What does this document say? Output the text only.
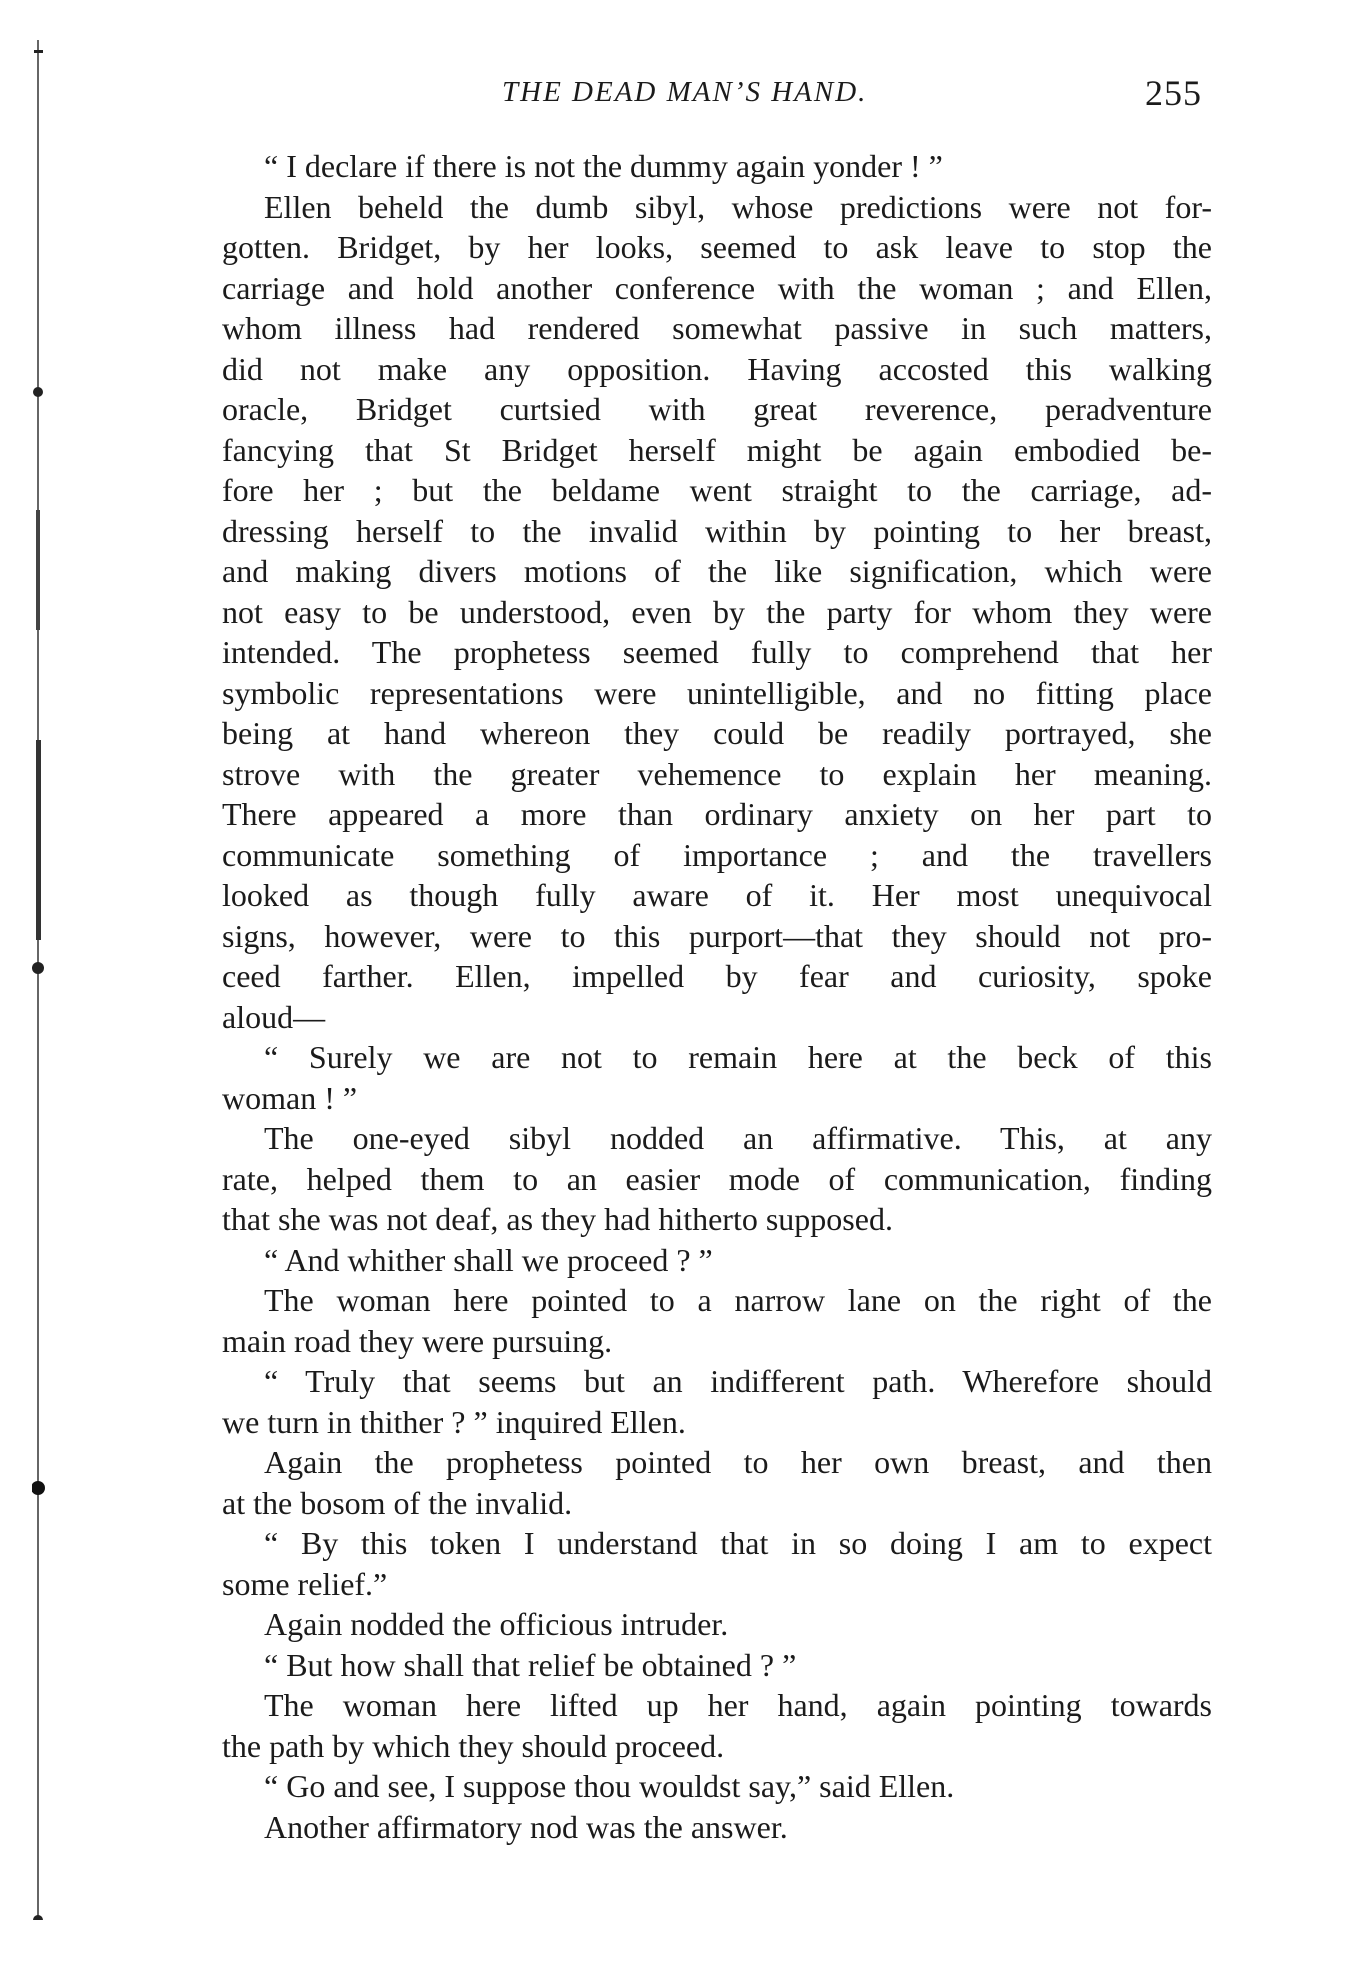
THE DEAD MAN’S HAND.	255
“ I declare if there is not the dummy again yonder ! ”
Ellen beheld the dumb sibyl, whose predictions were not for-
gotten. Bridget, by her looks, seemed to ask leave to stop the
carriage and hold another conference with the woman ; and Ellen,
whom illness had rendered somewhat passive in such matters,
did not make any opposition. Having accosted this walking
oracle, Bridget curtsied with great reverence, peradventure
fancying that St Bridget herself might be again embodied be-
fore her ; but the beldame went straight to the carriage, ad-
dressing herself to the invalid within by pointing to her breast,
and making divers motions of the like signification, which were
not easy to be understood, even by the party for whom they were
intended. The prophetess seemed fully to comprehend that her
symbolic representations were unintelligible, and no fitting place
being at hand whereon they could be readily portrayed, she
strove with the greater vehemence to explain her meaning.
There appeared a more than ordinary anxiety on her part to
communicate something of importance ; and the travellers
looked as though fully aware of it. Her most unequivocal
signs, however, were to this purport—that they should not pro-
ceed farther. Ellen, impelled by fear and curiosity, spoke
aloud—
“ Surely we are not to remain here at the beck of this
woman ! ”
The one-eyed sibyl nodded an affirmative. This, at any
rate, helped them to an easier mode of communication, finding
that she was not deaf, as they had hitherto supposed.
“ And whither shall we proceed ? ”
The woman here pointed to a narrow lane on the right of the
main road they were pursuing.
“ Truly that seems but an indifferent path. Wherefore should
we turn in thither ? ” inquired Ellen.
Again the prophetess pointed to her own breast, and then
at the bosom of the invalid.
“ By this token I understand that in so doing I am to expect
some relief.”
Again nodded the officious intruder.
“ But how shall that relief be obtained ? ”
The woman here lifted up her hand, again pointing towards
the path by which they should proceed.
“ Go and see, I suppose thou wouldst say,” said Ellen.
Another affirmatory nod was the answer.
